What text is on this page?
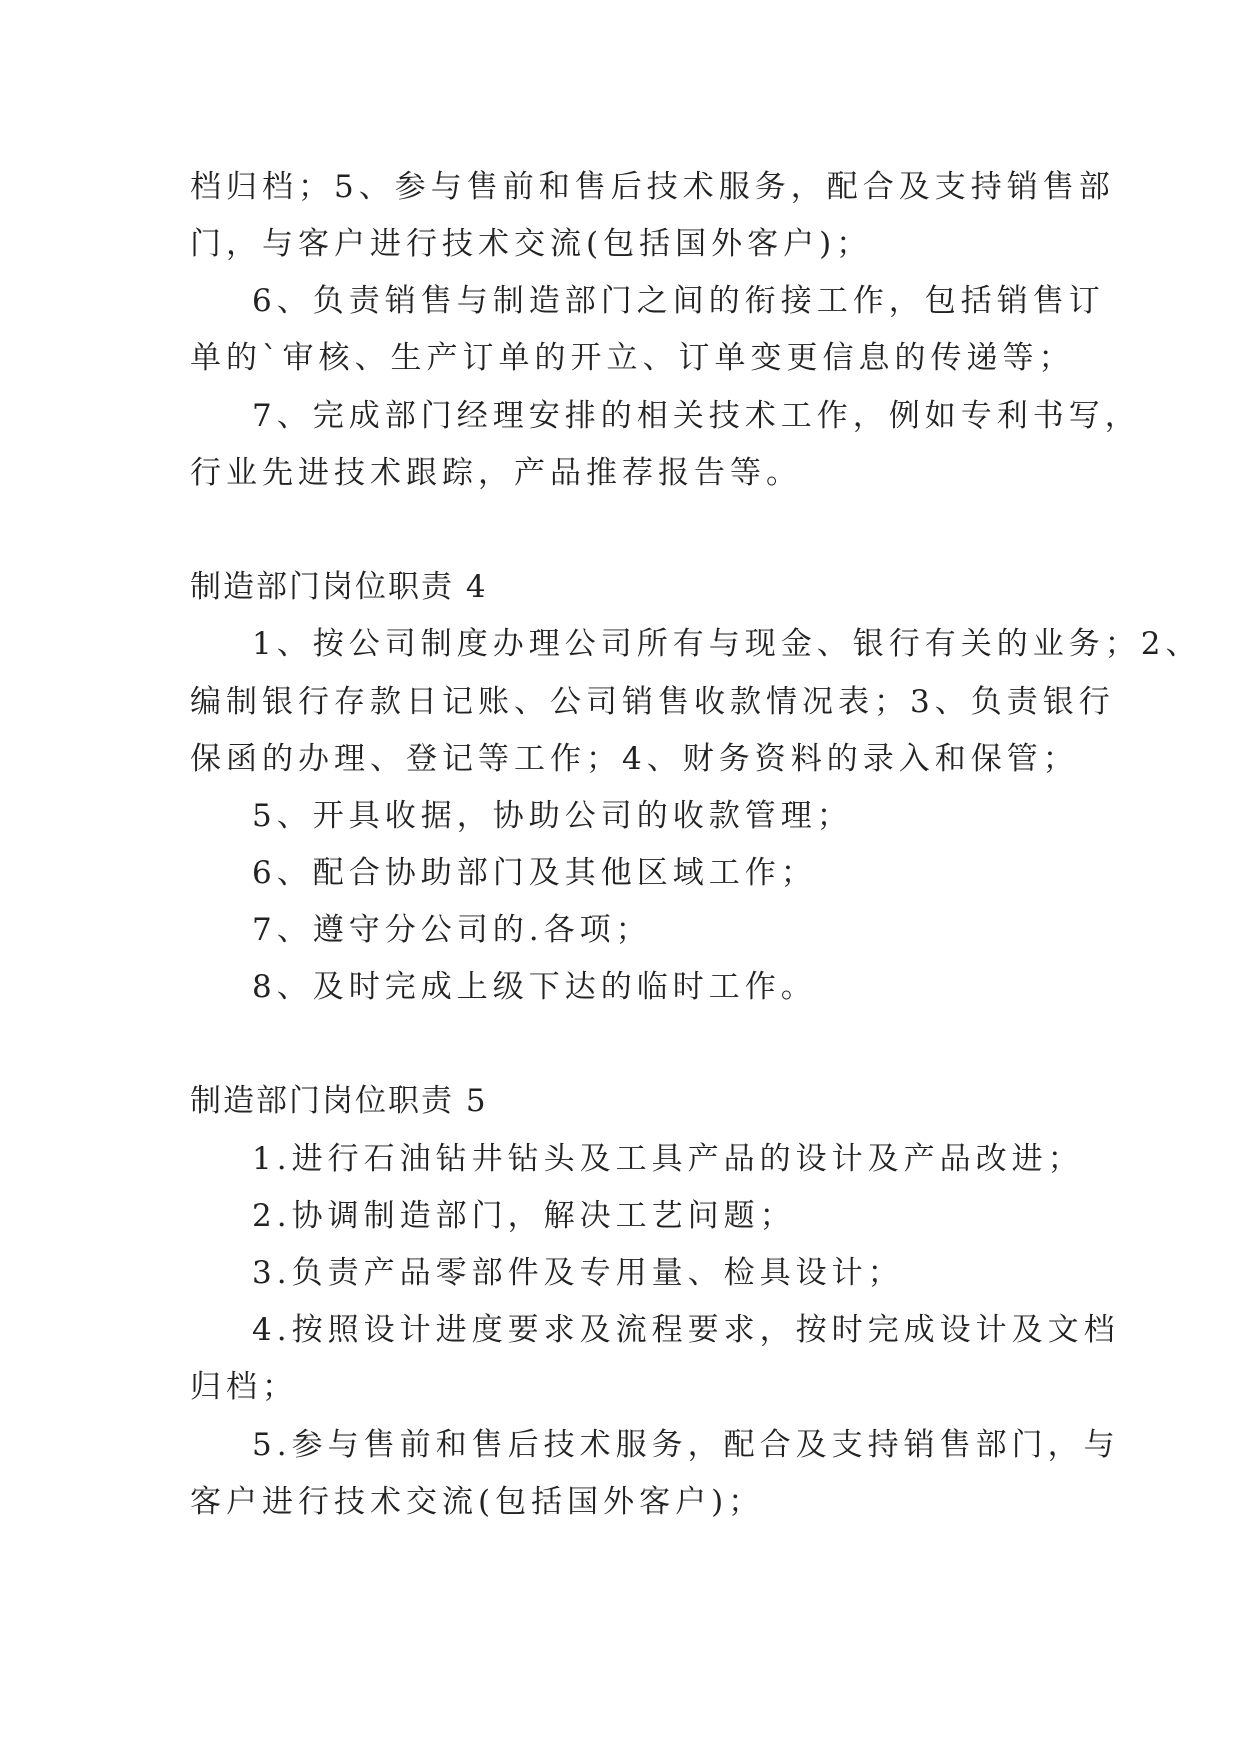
档归档；5、参与售前和售后技术服务，配合及支持销售部
门，与客户进行技术交流(包括国外客户)；
6、负责销售与制造部门之间的衔接工作，包括销售订
单的`审核、生产订单的开立、订单变更信息的传递等；
7、完成部门经理安排的相关技术工作，例如专利书写，
行业先进技术跟踪，产品推荐报告等。
制造部门岗位职责 4
1、按公司制度办理公司所有与现金、银行有关的业务；2、
编制银行存款日记账、公司销售收款情况表；3、负责银行
保函的办理、登记等工作；4、财务资料的录入和保管；
5、开具收据，协助公司的收款管理；
6、配合协助部门及其他区域工作；
7、遵守分公司的.各项；
8、及时完成上级下达的临时工作。
制造部门岗位职责 5
1.进行石油钻井钻头及工具产品的设计及产品改进；
2.协调制造部门，解决工艺问题；
3.负责产品零部件及专用量、检具设计；
4.按照设计进度要求及流程要求，按时完成设计及文档
归档；
5.参与售前和售后技术服务，配合及支持销售部门，与
客户进行技术交流(包括国外客户)；
